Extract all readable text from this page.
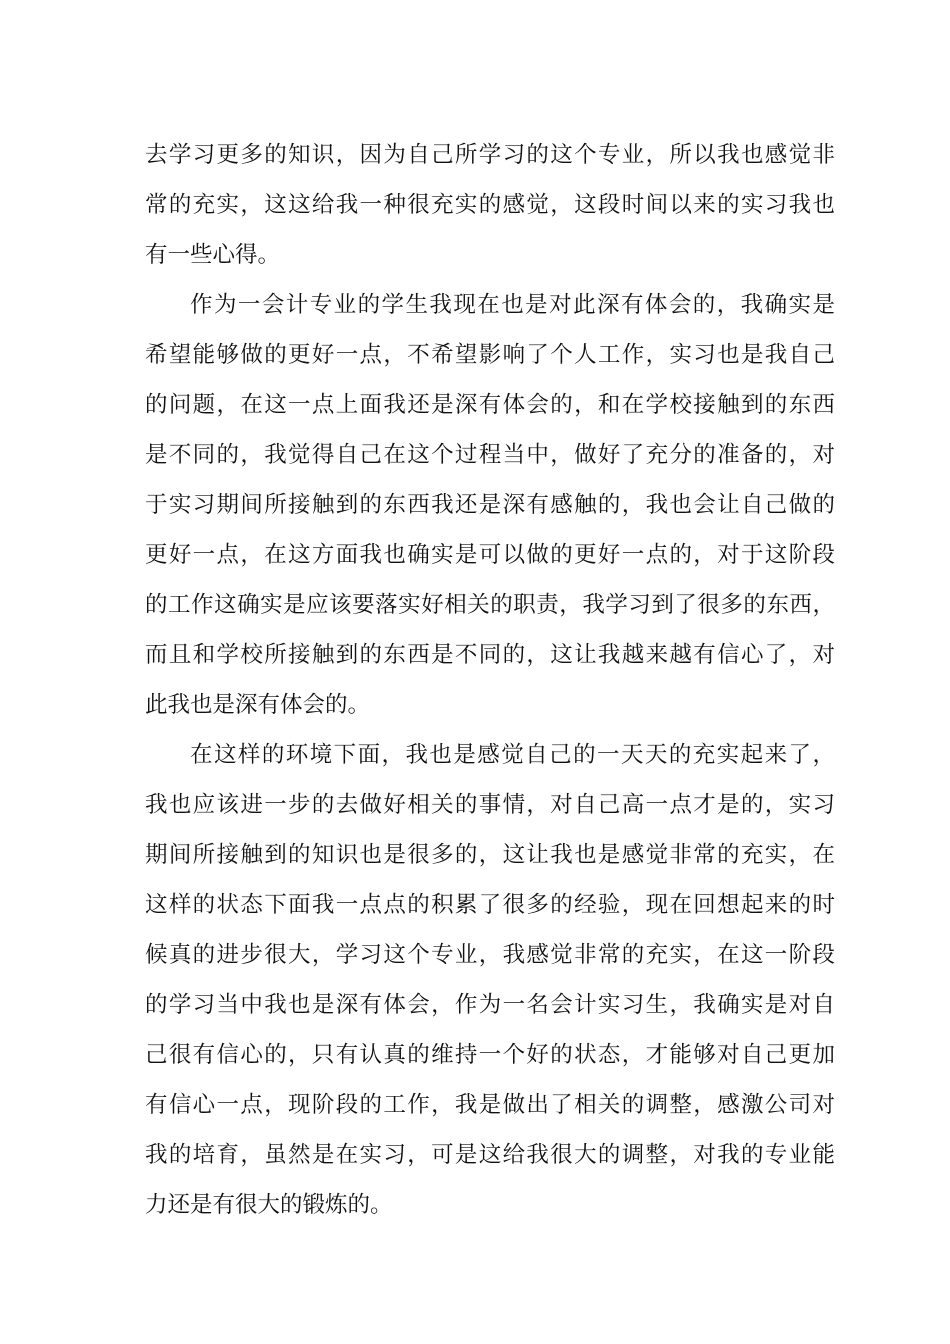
去学习更多的知识，因为自己所学习的这个专业，所以我也感觉非
常的充实，这这给我一种很充实的感觉，这段时间以来的实习我也
有一些心得。
作为一会计专业的学生我现在也是对此深有体会的，我确实是
希望能够做的更好一点，不希望影响了个人工作，实习也是我自己
的问题，在这一点上面我还是深有体会的，和在学校接触到的东西
是不同的，我觉得自己在这个过程当中，做好了充分的准备的，对
于实习期间所接触到的东西我还是深有感触的，我也会让自己做的
更好一点，在这方面我也确实是可以做的更好一点的，对于这阶段
的工作这确实是应该要落实好相关的职责，我学习到了很多的东西，
而且和学校所接触到的东西是不同的，这让我越来越有信心了，对
此我也是深有体会的。
在这样的环境下面，我也是感觉自己的一天天的充实起来了，
我也应该进一步的去做好相关的事情，对自己高一点才是的，实习
期间所接触到的知识也是很多的，这让我也是感觉非常的充实，在
这样的状态下面我一点点的积累了很多的经验，现在回想起来的时
候真的进步很大，学习这个专业，我感觉非常的充实，在这一阶段
的学习当中我也是深有体会，作为一名会计实习生，我确实是对自
己很有信心的，只有认真的维持一个好的状态，才能够对自己更加
有信心一点，现阶段的工作，我是做出了相关的调整，感激公司对
我的培育，虽然是在实习，可是这给我很大的调整，对我的专业能
力还是有很大的锻炼的。
